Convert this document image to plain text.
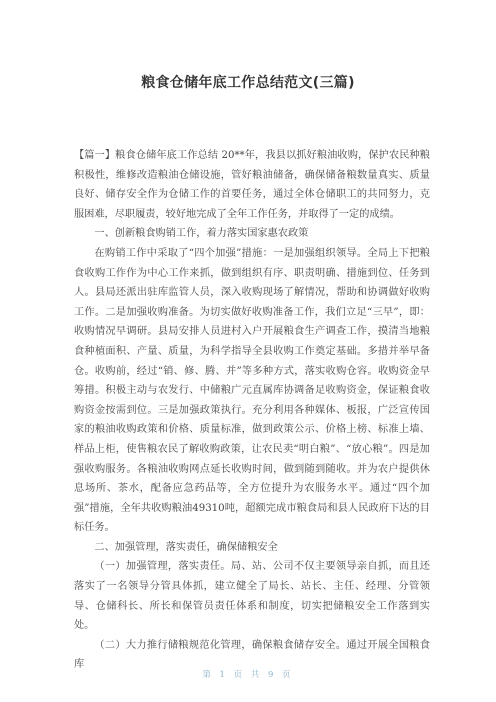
粮食仓储年底工作总结范文(三篇)

【篇一】粮食仓储年底工作总结 20**年，我县以抓好粮油收购，保护农民种粮积极性，维修改造粮油仓储设施，管好粮油储备，确保储备粮数量真实、质量良好、储存安全作为仓储工作的首要任务，通过全体仓储职工的共同努力，克服困难，尽职履责，较好地完成了全年工作任务，并取得了一定的成绩。

一、创新粮食购销工作，着力落实国家惠农政策

在购销工作中采取了“四个加强”措施：一是加强组织领导。全局上下把粮食收购工作作为中心工作来抓，做到组织有序、职责明确、措施到位、任务到人。县局还派出驻库监管人员，深入收购现场了解情况，帮助和协调做好收购工作。二是加强收购准备。为切实做好收购准备工作，我们立足“三早”，即：收购情况早调研。县局安排人员进村入户开展粮食生产调查工作，摸清当地粮食种植面积、产量、质量，为科学指导全县收购工作奠定基础。多措并举早备仓。收购前，经过“销、修、腾、并”等多种方式，落实收购仓容。收购资金早筹措。积极主动与农发行、中储粮广元直属库协调备足收购资金，保证粮食收购资金按需到位。三是加强政策执行。充分利用各种媒体、板报，广泛宣传国家的粮油收购政策和价格、质量标准，做到政策公示、价格上榜、标准上墙、样品上柜，使售粮农民了解收购政策，让农民卖“明白粮”、“放心粮”。四是加强收购服务。各粮油收购网点延长收购时间，做到随到随收。并为农户提供休息场所、茶水，配备应急药品等，全方位提升为农服务水平。通过“四个加强”措施，全年共收购粮油49310吨，超额完成市粮食局和县人民政府下达的目标任务。

二、加强管理，落实责任，确保储粮安全

（一）加强管理，落实责任。局、站、公司不仅主要领导亲自抓，而且还落实了一名领导分管具体抓，建立健全了局长、站长、主任、经理、分管领导、仓储科长、所长和保管员责任体系和制度，切实把储粮安全工作落到实处。

（二）大力推行储粮规范化管理，确保粮食储存安全。通过开展全国粮食库

第 1 页 共 9 页
